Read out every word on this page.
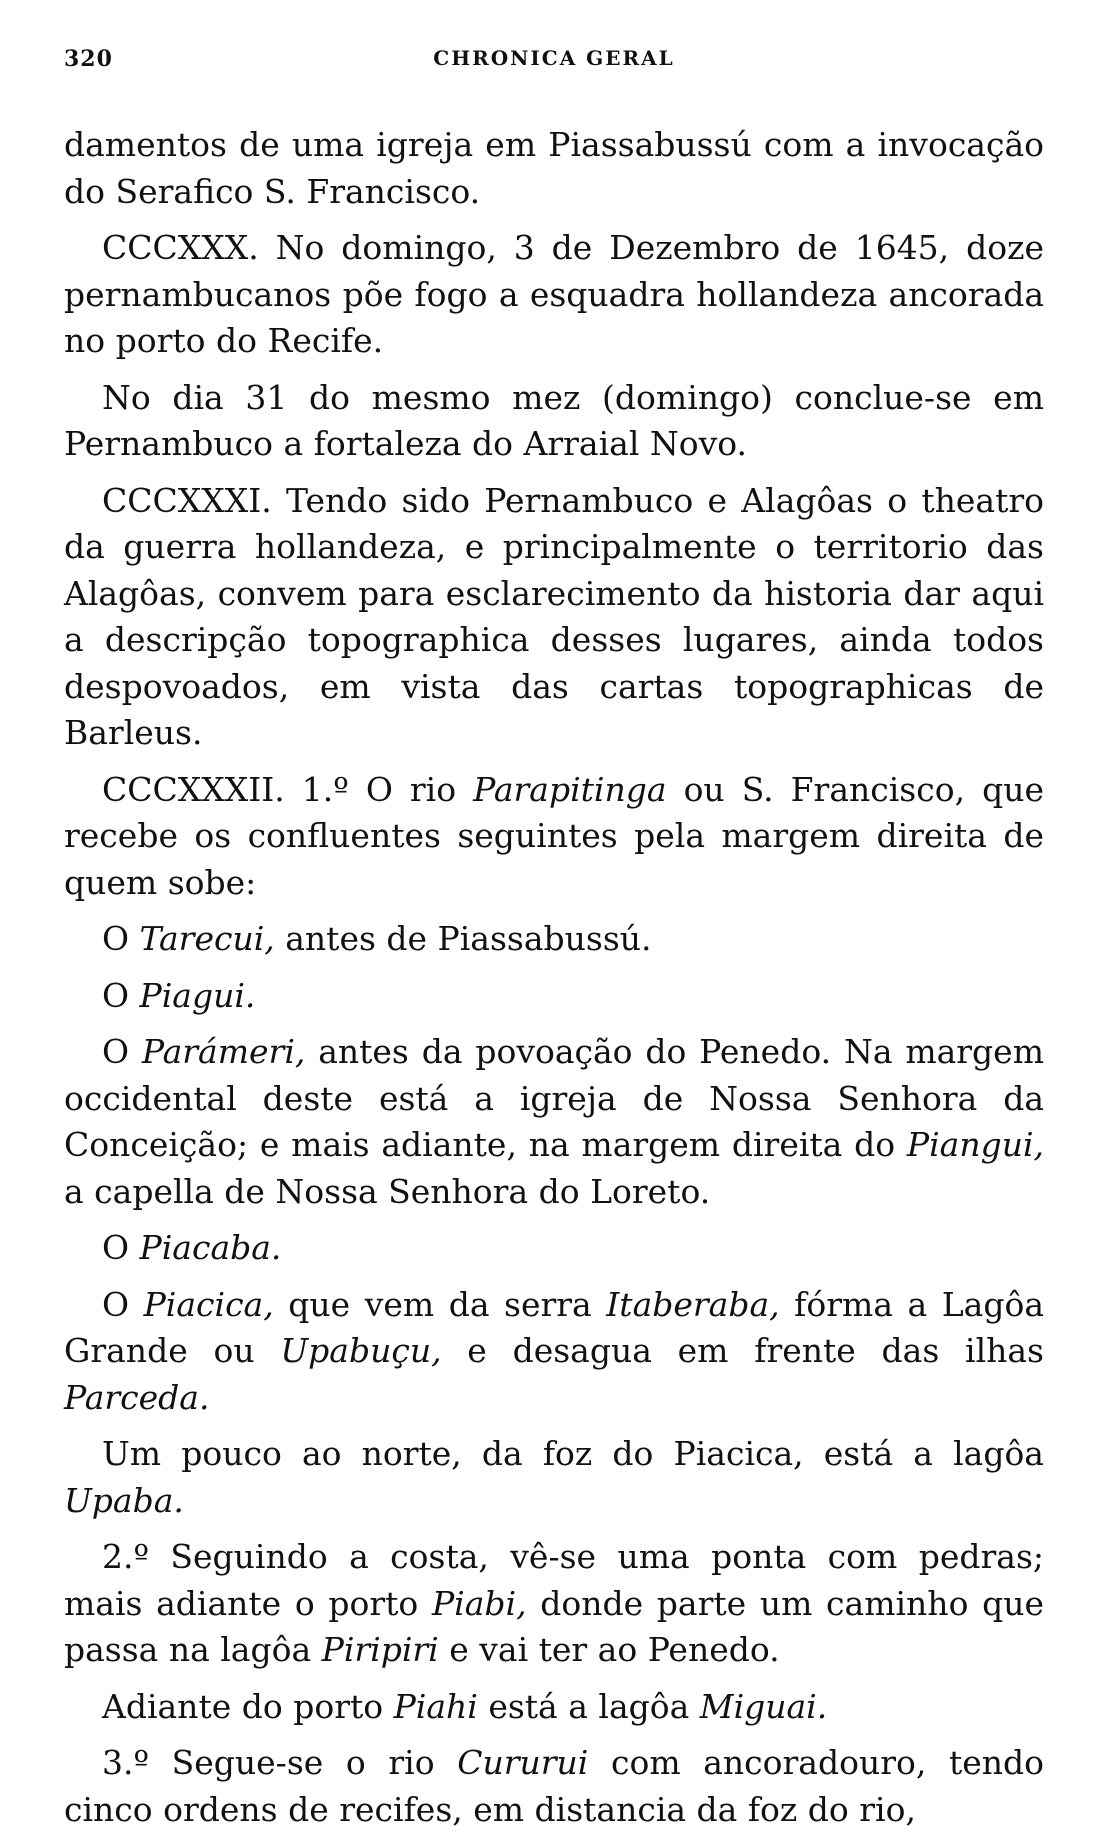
320	CHRONICA GERAL

damentos de uma igreja em Piassabussú com a invocação do Serafico S. Francisco.

CCCXXX. No domingo, 3 de Dezembro de 1645, doze pernambucanos põe fogo a esquadra hollandeza ancorada no porto do Recife.

No dia 31 do mesmo mez (domingo) conclue-se em Pernambuco a fortaleza do Arraial Novo.

CCCXXXI. Tendo sido Pernambuco e Alagôas o theatro da guerra hollandeza, e principalmente o territorio das Alagôas, convem para esclarecimento da historia dar aqui a descripção topographica desses lugares, ainda todos despovoados, em vista das cartas topographicas de Barleus.

CCCXXXII. 1.º O rio Parapitinga ou S. Francisco, que recebe os confluentes seguintes pela margem direita de quem sobe:

O Tarecui, antes de Piassabussú.

O Piagui.

O Parámeri, antes da povoação do Penedo. Na margem occidental deste está a igreja de Nossa Senhora da Conceição; e mais adiante, na margem direita do Piangui, a capella de Nossa Senhora do Loreto.

O Piacaba.

O Piacica, que vem da serra Itaberaba, fórma a Lagôa Grande ou Upabuçu, e desagua em frente das ilhas Parceda.

Um pouco ao norte, da foz do Piacica, está a lagôa Upaba.

2.º Seguindo a costa, vê-se uma ponta com pedras; mais adiante o porto Piabi, donde parte um caminho que passa na lagôa Piripiri e vai ter ao Penedo.

Adiante do porto Piahi está a lagôa Miguai.

3.º Segue-se o rio Cururui com ancoradouro, tendo cinco ordens de recifes, em distancia da foz do rio,
